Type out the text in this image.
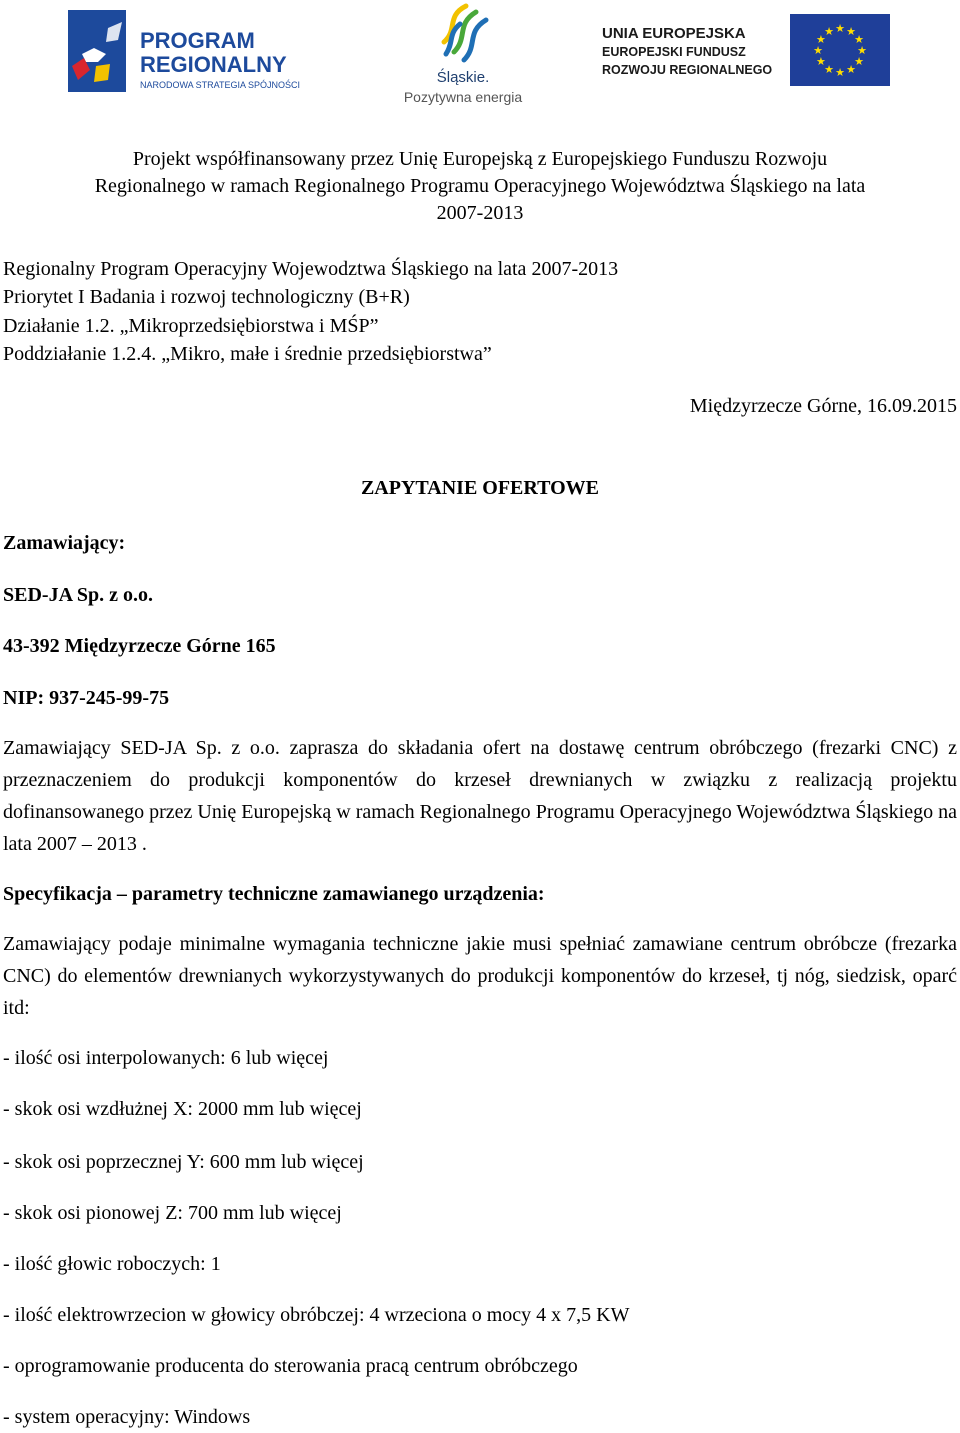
PROGRAM
REGIONALNY
NARODOWA STRATEGIA SPÓJNOŚCI	Śląskie.
Pozytywna energia
UNIA EUROPEJSKA
EUROPEJSKI FUNDUSZ
ROZWOJU REGIONALNEGO
★ ★
★
★
★
★
★
★
★
★
★
★
Projekt współfinansowany przez Unię Europejską z Europejskiego Funduszu Rozwoju
Regionalnego w ramach Regionalnego Programu Operacyjnego Województwa Śląskiego na lata
2007-2013
Regionalny Program Operacyjny Wojewodztwa Śląskiego na lata 2007-2013
Priorytet I Badania i rozwoj technologiczny (B+R)
Działanie 1.2. „Mikroprzedsiębiorstwa i MŚP”
Poddziałanie 1.2.4. „Mikro, małe i średnie przedsiębiorstwa”
Międzyrzecze Górne, 16.09.2015
ZAPYTANIE OFERTOWE
Zamawiający:
SED-JA Sp. z o.o.
43-392 Międzyrzecze Górne 165
NIP: 937-245-99-75
Zamawiający SED-JA Sp. z o.o. zaprasza do składania ofert na dostawę centrum obróbczego (frezarki CNC) z przeznaczeniem do produkcji komponentów do krzeseł drewnianych w związku z realizacją projektu dofinansowanego przez Unię Europejską w ramach Regionalnego Programu Operacyjnego Województwa Śląskiego na lata 2007 – 2013 .
Specyfikacja – parametry techniczne zamawianego urządzenia:
Zamawiający podaje minimalne wymagania techniczne jakie musi spełniać zamawiane centrum obróbcze (frezarka CNC) do elementów drewnianych wykorzystywanych do produkcji komponentów do krzeseł, tj nóg, siedzisk, oparć itd:
- ilość osi interpolowanych: 6 lub więcej
- skok osi wzdłużnej X: 2000 mm lub więcej
- skok osi poprzecznej Y: 600 mm lub więcej
- skok osi pionowej Z: 700 mm lub więcej
- ilość głowic roboczych: 1
- ilość elektrowrzecion w głowicy obróbczej: 4 wrzeciona o mocy 4 x 7,5 KW
- oprogramowanie producenta do sterowania pracą centrum obróbczego
- system operacyjny: Windows
